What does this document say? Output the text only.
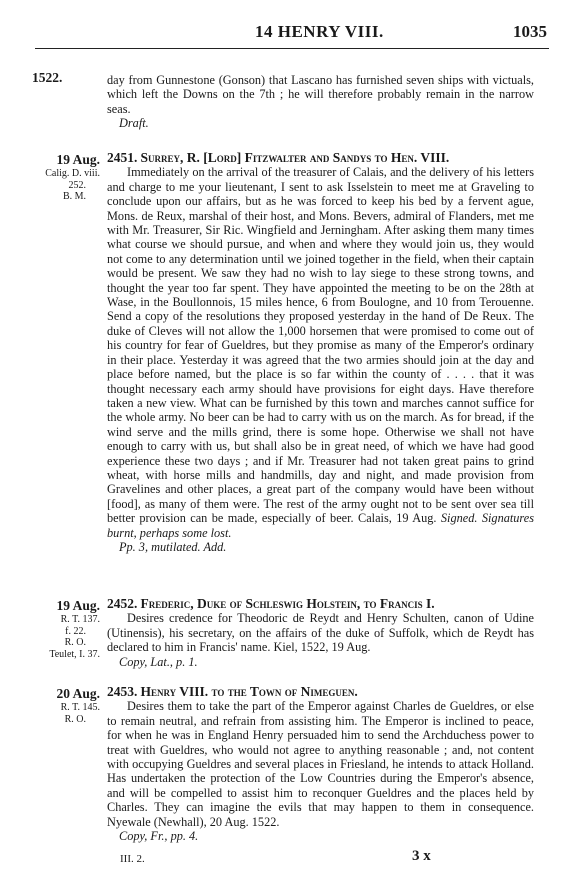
14 HENRY VIII.	1035
1522.	day from Gunnestone (Gonson) that Lascano has furnished seven ships with victuals, which left the Downs on the 7th ; he will therefore probably remain in the narrow seas.

Draft.

19 Aug.
Calig. D. viii.
252.
B. M.

2451. Surrey, R. [Lord] Fitzwalter and Sandys to Hen. VIII.

Immediately on the arrival of the treasurer of Calais, and the delivery of his letters and charge to me your lieutenant, I sent to ask Isselstein to meet me at Graveling to conclude upon our affairs, but as he was forced to keep his bed by a fervent ague, Mons. de Reux, marshal of their host, and Mons. Bevers, admiral of Flanders, met me with Mr. Treasurer, Sir Ric. Wingfield and Jerningham. After asking them many times what course we should pursue, and when and where they would join us, they would not come to any determination until we joined together in the field, when their captain would be present. We saw they had no wish to lay siege to these strong towns, and thought the year too far spent. They have appointed the meeting to be on the 28th at Wase, in the Boullonnois, 15 miles hence, 6 from Boulogne, and 10 from Terouenne. Send a copy of the resolutions they proposed yesterday in the hand of De Reux. The duke of Cleves will not allow the 1,000 horsemen that were promised to come out of his country for fear of Gueldres, but they promise as many of the Emperor's ordinary in their place. Yesterday it was agreed that the two armies should join at the day and place before named, but the place is so far within the county of . . . . that it was thought necessary each army should have provisions for eight days. Have therefore taken a new view. What can be furnished by this town and marches cannot suffice for the whole army. No beer can be had to carry with us on the march. As for bread, if the wind serve and the mills grind, there is some hope. Otherwise we shall not have enough to carry with us, but shall also be in great need, of which we have had good experience these two days ; and if Mr. Treasurer had not taken great pains to grind wheat, with horse mills and handmills, day and night, and made provision from Gravelines and other places, a great part of the company would have been without [food], as many of them were. The rest of the army ought not to be sent over sea till better provision can be made, especially of beer. Calais, 19 Aug. Signed. Signatures burnt, perhaps some lost.

Pp. 3, mutilated. Add.

19 Aug.
R. T. 137.
f. 22.
R. O.
Teulet, I. 37.

2452. Frederic, Duke of Schleswig Holstein, to Francis I.

Desires credence for Theodoric de Reydt and Henry Schulten, canon of Udine (Utinensis), his secretary, on the affairs of the duke of Suffolk, which de Reydt has declared to him in Francis' name. Kiel, 1522, 19 Aug.

Copy, Lat., p. 1.

20 Aug.
R. T. 145.
R. O.

2453. Henry VIII. to the Town of Nimeguen.

Desires them to take the part of the Emperor against Charles de Gueldres, or else to remain neutral, and refrain from assisting him. The Emperor is inclined to peace, for when he was in England Henry persuaded him to send the Archduchess power to treat with Gueldres, who would not agree to anything reasonable ; and, not content with occupying Gueldres and several places in Friesland, he intends to attack Holland. Has undertaken the protection of the Low Countries during the Emperor's absence, and will be compelled to assist him to reconquer Gueldres and the places held by Charles. They can imagine the evils that may happen to them in consequence. Nyewale (Newhall), 20 Aug. 1522.

Copy, Fr., pp. 4.

III. 2.	3 x
